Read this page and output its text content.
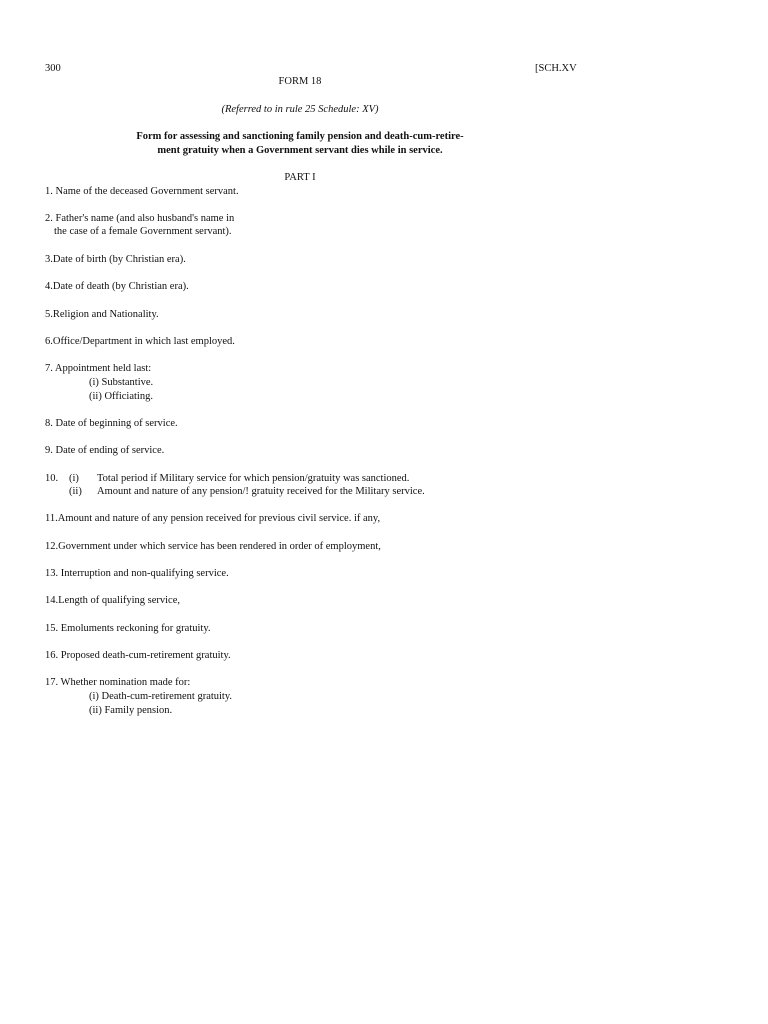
300	[SCH.XV
FORM 18
(Referred to in rule 25 Schedule: XV)
Form for assessing and sanctioning family pension and death-cum-retire-
ment gratuity when a Government servant dies while in service.
PART I
1. Name of the deceased Government servant.
2. Father's name (and also husband's name in
the case of a female Government servant).
3.Date of birth (by Christian era).
4.Date of death (by Christian era).
5.Religion and Nationality.
6.Office/Department in which last employed.
7. Appointment held last:
(i) Substantive.
(ii) Officiating.
8. Date of beginning of service.
9. Date of ending of service.
10. (i) Total period if Military service for which pension/gratuity was sanctioned.
(ii) Amount and nature of any pension/! gratuity received for the Military service.
11.Amount and nature of any pension received for previous civil service. if any,
12.Government under which service has been rendered in order of employment,
13. Interruption and non-qualifying service.
14.Length of qualifying service,
15. Emoluments reckoning for gratuity.
16. Proposed death-cum-retirement gratuity.
17. Whether nomination made for:
(i) Death-cum-retirement gratuity.
(ii) Family pension.
